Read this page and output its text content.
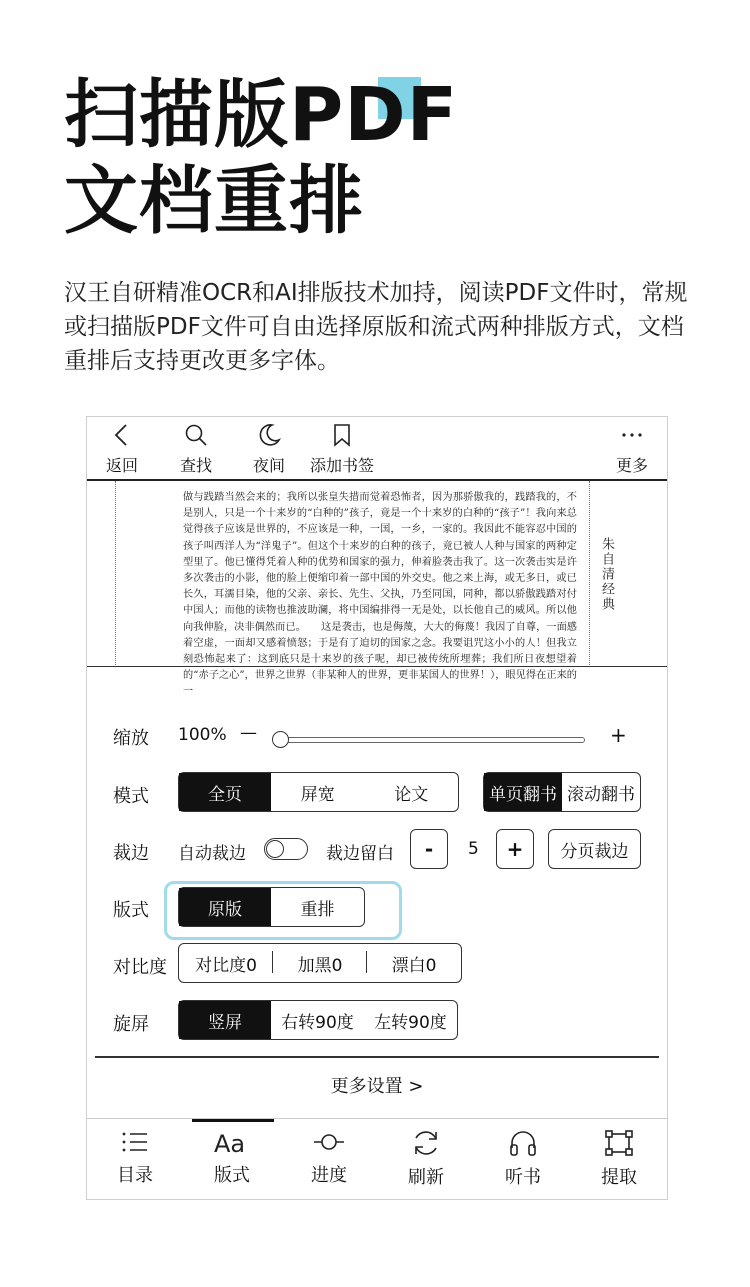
扫描版PDF
文档重排

汉王自研精准OCR和AI排版技术加持，阅读PDF文件时，常规或扫描版PDF文件可自由选择原版和流式两种排版方式，文档重排后支持更改更多字体。

返回	查找	夜间	添加书签	更多
做与践踏当然会来的；我所以张皇失措而觉着恐怖者，因为那骄傲我的，践踏我的，不是别人，只是一个十来岁的“白种的”孩子，竟是一个十来岁的白种的“孩子”！我向来总觉得孩子应该是世界的，不应该是一种，一国，一乡，一家的。我因此不能容忍中国的孩子叫西洋人为“洋鬼子”。但这个十来岁的白种的孩子，竟已被人人种与国家的两种定型里了。他已懂得凭着人种的优势和国家的强力，伸着脸袭击我了。这一次袭击实是许多次袭击的小影，他的脸上便缩印着一部中国的外交史。他之来上海，或无多日，或已长久，耳濡目染，他的父亲、亲长、先生、父执，乃至同国，同种，都以骄傲践踏对付中国人；而他的读物也推波助澜，将中国编排得一无是处，以长他自己的威风。所以他向我伸脸，决非偶然而已。　　这是袭击，也是侮蔑，大大的侮蔑！我因了自尊，一面感着空虚，一面却又感着愤怒；于是有了迫切的国家之念。我要诅咒这小小的人！但我立刻恐怖起来了：这到底只是十来岁的孩子呢，却已被传统所埋葬；我们所日夜想望着的“赤子之心”，世界之世界（非某种人的世界，更非某国人的世界！），眼见得在正来的一
朱自清经典
缩放 100% —	+
模式	全页	屏宽	论文	单页翻书 滚动翻书
裁边 自动裁边	裁边留白	-	5	+	分页裁边
版式	原版	重排
对比度	对比度0	加黑0	漂白0
旋屏	竖屏	右转90度	左转90度
更多设置 >
目录
Aa
版式	进度	刷新	听书	提取
